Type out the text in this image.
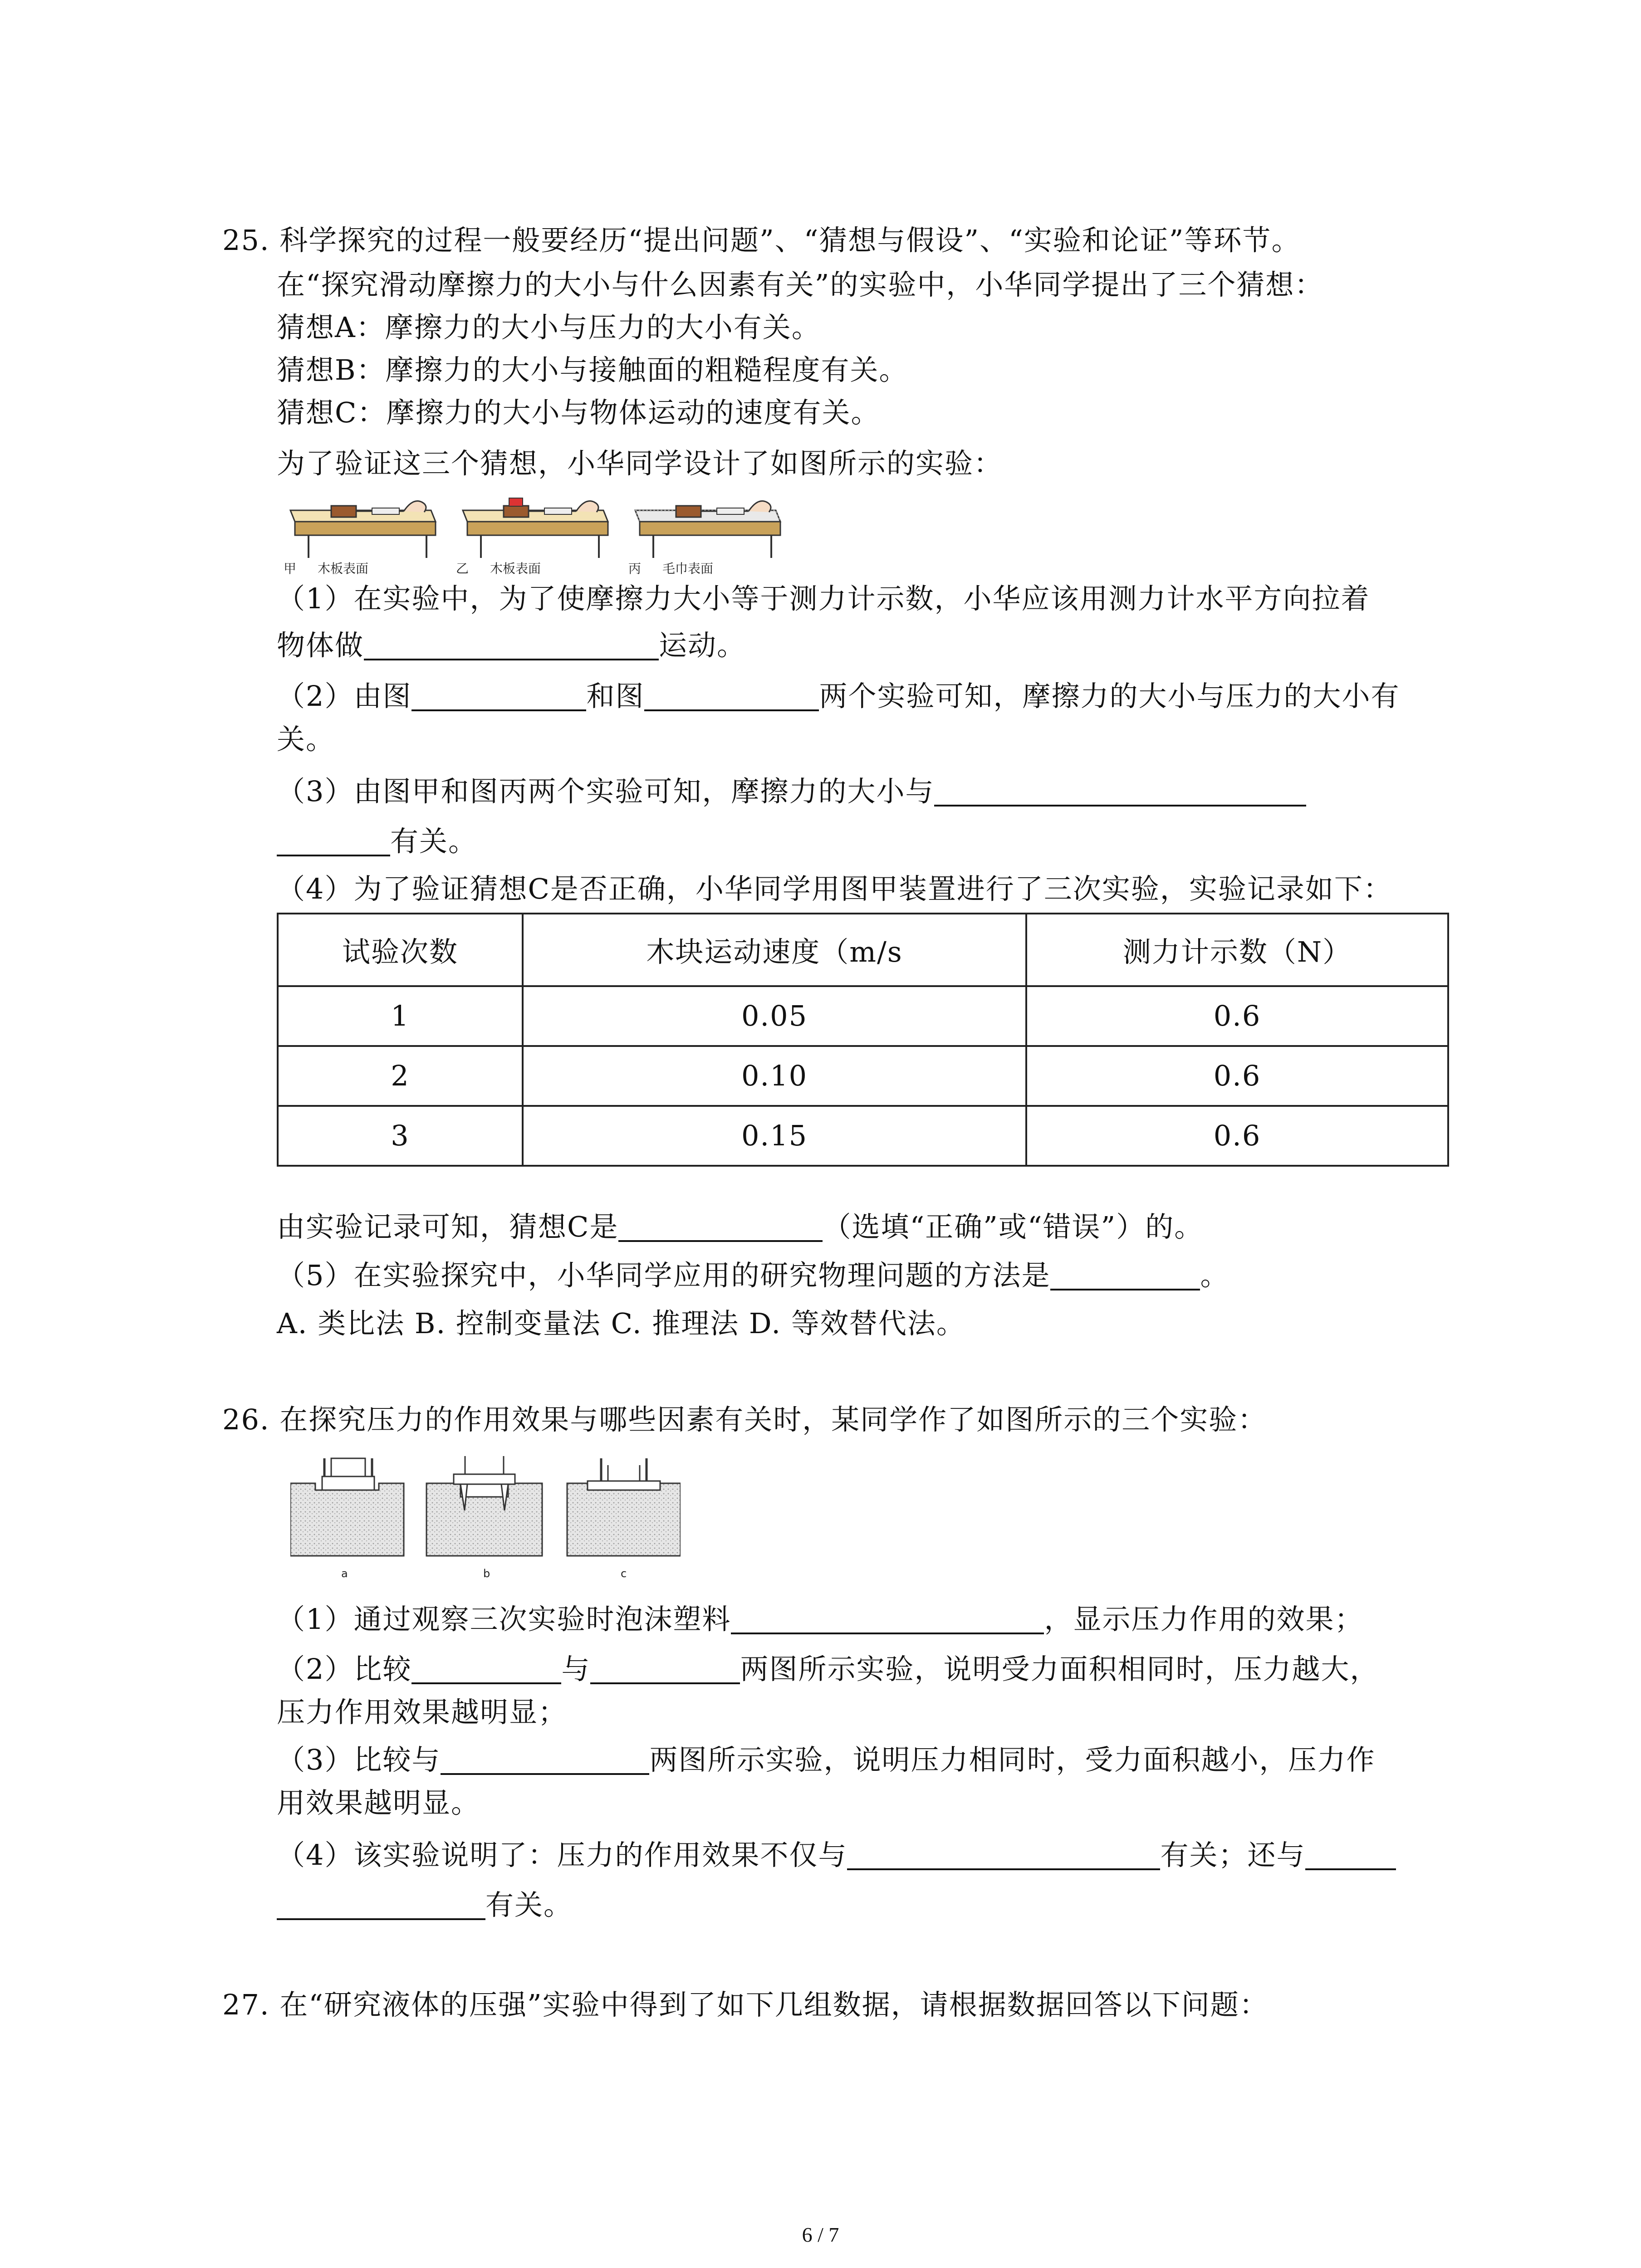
25. 科学探究的过程一般要经历“提出问题”、“猜想与假设”、“实验和论证”等环节。
在“探究滑动摩擦力的大小与什么因素有关”的实验中，小华同学提出了三个猜想：
猜想A：摩擦力的大小与压力的大小有关。
猜想B：摩擦力的大小与接触面的粗糙程度有关。
猜想C：摩擦力的大小与物体运动的速度有关。
为了验证这三个猜想，小华同学设计了如图所示的实验：
甲 木板表面	乙 木板表面	丙 毛巾表面
（1）在实验中，为了使摩擦力大小等于测力计示数，小华应该用测力计水平方向拉着
物体做	运动。
（2）由图	和图	两个实验可知，摩擦力的大小与压力的大小有
关。
（3）由图甲和图丙两个实验可知，摩擦力的大小与
有关。
（4）为了验证猜想C是否正确，小华同学用图甲装置进行了三次实验，实验记录如下：
试验次数	木块运动速度（m/s	测力计示数（N）
1	0.05	0.6
2	0.10	0.6
3	0.15	0.6
由实验记录可知，猜想C是	（选填“正确”或“错误”）的。
（5）在实验探究中，小华同学应用的研究物理问题的方法是	。
A. 类比法 B. 控制变量法 C. 推理法 D. 等效替代法。
26. 在探究压力的作用效果与哪些因素有关时，某同学作了如图所示的三个实验：
a	b	c
（1）通过观察三次实验时泡沫塑料	，显示压力作用的效果；
（2）比较	与	两图所示实验，说明受力面积相同时，压力越大，
压力作用效果越明显；
（3）比较与	两图所示实验，说明压力相同时，受力面积越小，压力作
用效果越明显。
（4）该实验说明了：压力的作用效果不仅与	有关；还与
有关。
27. 在“研究液体的压强”实验中得到了如下几组数据，请根据数据回答以下问题：
6 / 7
